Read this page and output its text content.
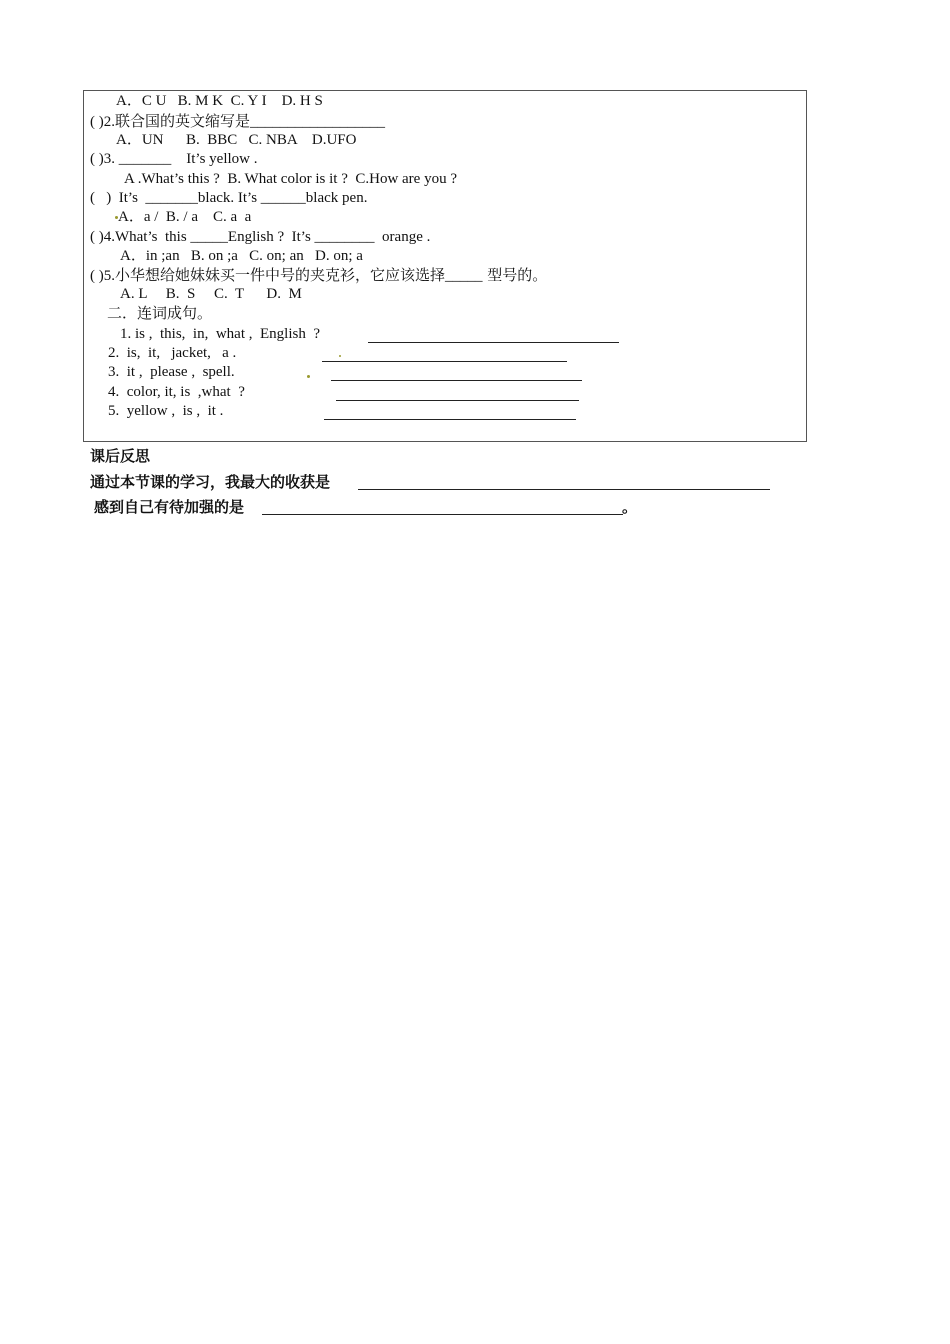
A．C U   B. M K  C. Y I    D. H S
( )2.联合国的英文缩写是__________________
A．UN      B.  BBC   C. NBA    D.UFO
( )3. _______    It’s yellow .
A .What’s this ?  B. What color is it ?  C.How are you ?
(   )  It’s  _______black. It’s ______black pen.
A．a /  B. / a    C. a  a
( )4.What’s  this _____English ?  It’s ________  orange .
A．in ;an   B. on ;a   C. on; an   D. on; a
( )5.小华想给她妹妹买一件中号的夹克衫，它应该选择_____ 型号的。
A. L     B.  S     C.  T      D.  M
二．连词成句。
1. is ,  this,  in,  what ,  English  ?
2.  is,  it,   jacket,   a .
3.  it ,  please ,  spell.
4.  color, it, is  ,what  ?
5.  yellow ,  is ,  it .
课后反思
通过本节课的学习，我最大的收获是
感到自己有待加强的是	。
